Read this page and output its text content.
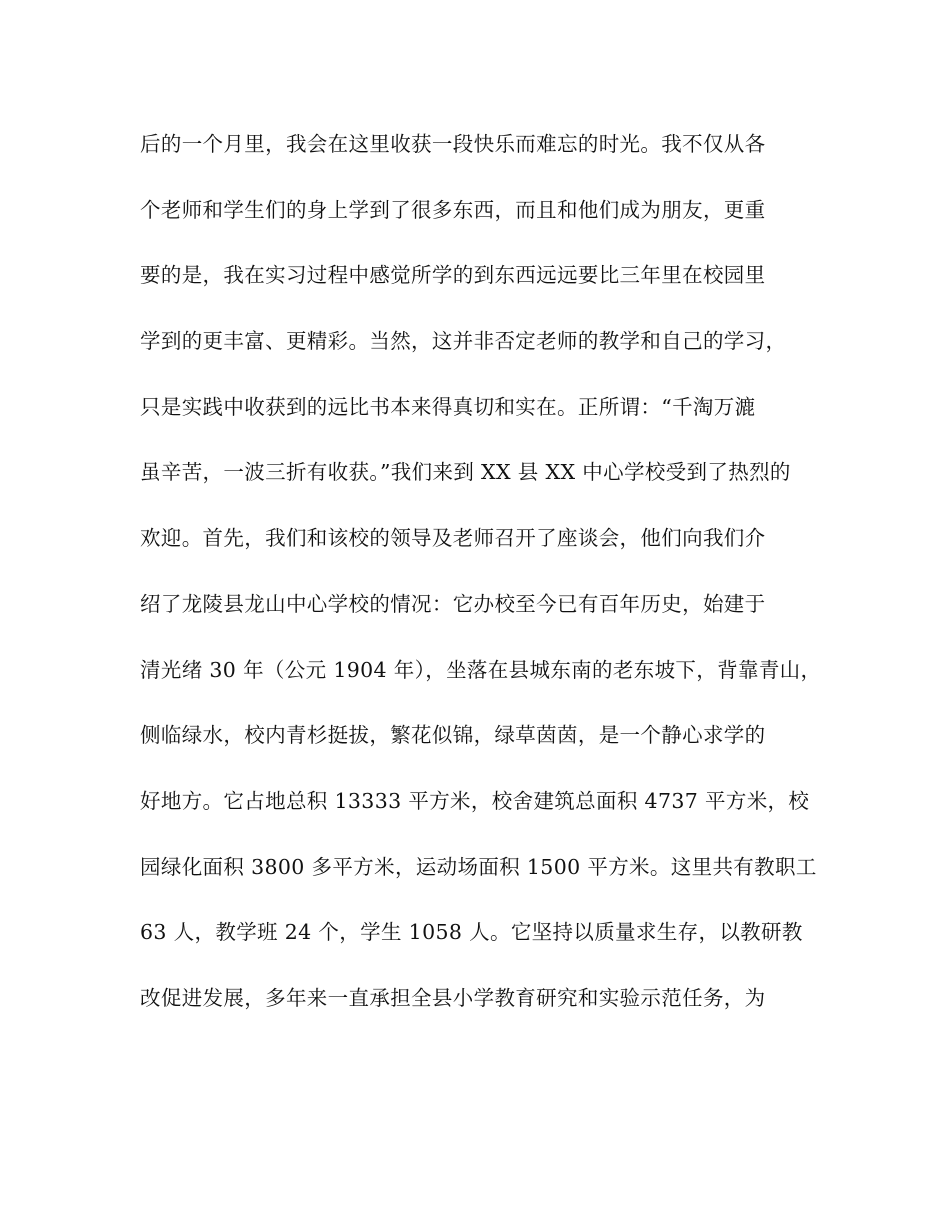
后的一个月里，我会在这里收获一段快乐而难忘的时光。我不仅从各
个老师和学生们的身上学到了很多东西，而且和他们成为朋友，更重
要的是，我在实习过程中感觉所学的到东西远远要比三年里在校园里
学到的更丰富、更精彩。当然，这并非否定老师的教学和自己的学习，
只是实践中收获到的远比书本来得真切和实在。正所谓：“千淘万漉
虽辛苦，一波三折有收获。”我们来到 XX 县 XX 中心学校受到了热烈的
欢迎。首先，我们和该校的领导及老师召开了座谈会，他们向我们介
绍了龙陵县龙山中心学校的情况：它办校至今已有百年历史，始建于
清光绪 30 年（公元 1904 年），坐落在县城东南的老东坡下，背靠青山，
侧临绿水，校内青杉挺拔，繁花似锦，绿草茵茵，是一个静心求学的
好地方。它占地总积 13333 平方米，校舍建筑总面积 4737 平方米，校
园绿化面积 3800 多平方米，运动场面积 1500 平方米。这里共有教职工
63 人，教学班 24 个，学生 1058 人。它坚持以质量求生存，以教研教
改促进发展，多年来一直承担全县小学教育研究和实验示范任务，为
